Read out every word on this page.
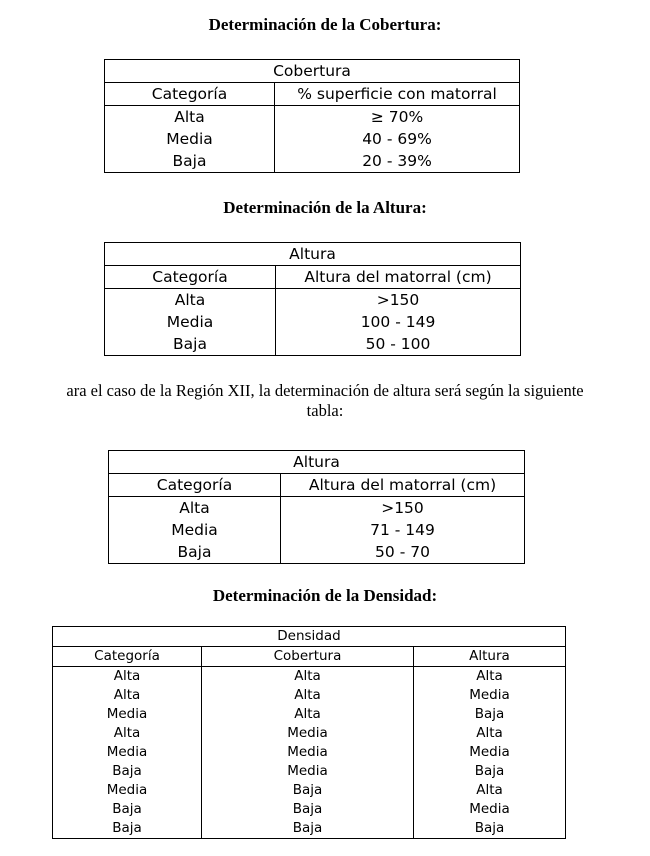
Determinación de la Cobertura:
Cobertura	
Categoría	% superficie con matorral
Alta	≥ 70%
Media	40 - 69%
Baja	20 - 39%
Determinación de la Altura:
Altura	
Categoría	Altura del matorral (cm)
Alta	>150
Media	100 - 149
Baja	50 - 100

ara el caso de la Región XII, la determinación de altura será según la siguiente

tabla:

Altura	
Categoría	Altura del matorral (cm)
Alta	>150
Media	71 - 149
Baja	50 - 70
Determinación de la Densidad:
Densidad		
Categoría	Cobertura	Altura
Alta	Alta	Alta
Alta	Alta	Media
Media	Alta	Baja
Alta	Media	Alta
Media	Media	Media
Baja	Media	Baja
Media	Baja	Alta
Baja	Baja	Media
Baja	Baja	Baja
